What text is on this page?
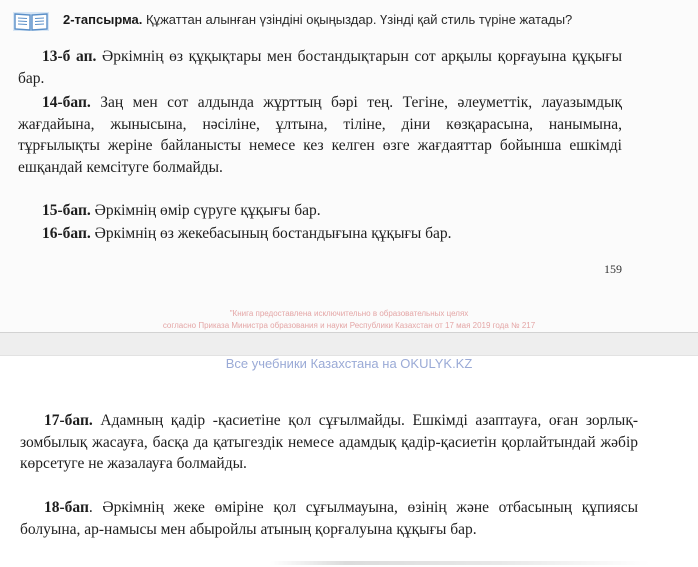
2-тапсырма. Құжаттан алынған үзіндіні оқыңыздар. Үзінді қай стиль түріне жатады?

13-б ап. Әркімнің өз құқықтары мен бостандықтарын сот арқылы қорғауына құқығы бар.

14-бап. Заң мен сот алдында жұрттың бәрі тең. Тегіне, әлеуметтік, лауазымдық жағдайына, жынысына, нәсіліне, ұлтына, тіліне, діни көзқарасына, нанымына, тұрғылықты жеріне байланысты немесе кез келген өзге жағдаяттар бойынша ешкімді ешқандай кемсітуге болмайды.

15-бап. Әркімнің өмір сүруге құқығы бар.

16-бап. Әркімнің өз жекебасының бостандығына құқығы бар.

159
"Книга предоставлена исключительно в образовательных целях
согласно Приказа Министра образования и науки Республики Казахстан от 17 мая 2019 года № 217
Все учебники Казахстана на OKULYK.KZ

17-бап. Адамның қадір -қасиетіне қол сұғылмайды. Ешкімді азаптауға, оған зорлық-зомбылық жасауға, басқа да қатыгездік немесе адамдық қадір-қасиетін қорлайтындай жәбір көрсетуге не жазалауға болмайды.

18-бап. Әркімнің жеке өміріне қол сұғылмауына, өзінің және отбасының құпиясы болуына, ар-намысы мен абыройлы атының қорғалуына құқығы бар.
